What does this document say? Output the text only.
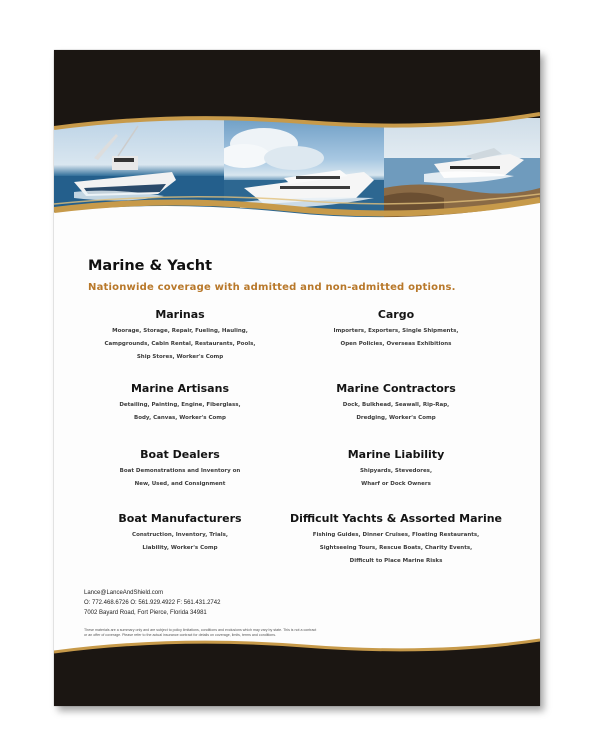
Marine & Yacht

Nationwide coverage with admitted and non-admitted options.

Marinas

Moorage, Storage, Repair, Fueling, Hauling,
Campgrounds, Cabin Rental, Restaurants, Pools,
Ship Stores, Worker's Comp

Cargo

Importers, Exporters, Single Shipments,
Open Policies, Overseas Exhibitions

Marine Artisans

Detailing, Painting, Engine, Fiberglass,
Body, Canvas, Worker's Comp

Marine Contractors

Dock, Bulkhead, Seawall, Rip-Rap,
Dredging, Worker's Comp

Boat Dealers

Boat Demonstrations and Inventory on
New, Used, and Consignment

Marine Liability

Shipyards, Stevedores,
Wharf or Dock Owners

Boat Manufacturers

Construction, Inventory, Trials,
Liability, Worker's Comp

Difficult Yachts & Assorted Marine

Fishing Guides, Dinner Cruises, Floating Restaurants,
Sightseeing Tours, Rescue Boats, Charity Events,
Difficult to Place Marine Risks

Lance@LanceAndShield.com
O: 772.468.6726 O: 561.929.4922 F: 561.431.2742
7002 Bayard Road, Fort Pierce, Florida 34981
These materials are a summary only and are subject to policy limitations, conditions and exclusions which may vary by state. This is not a contract
or an offer of coverage. Please refer to the actual insurance contract for details on coverage, limits, terms and conditions.
